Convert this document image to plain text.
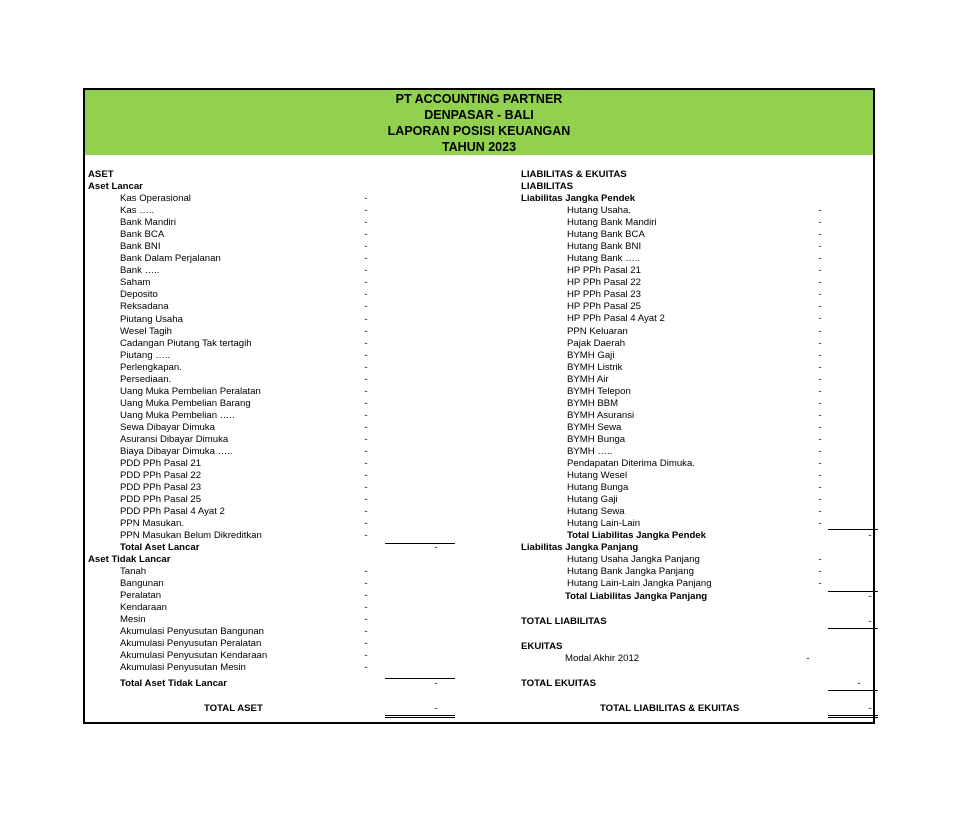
PT ACCOUNTING PARTNER
DENPASAR - BALI
LAPORAN POSISI KEUANGAN
TAHUN 2023
ASET
Aset Lancar
Kas Operasional	-
Kas …..	-
Bank Mandiri	-
Bank BCA	-
Bank BNI	-
Bank Dalam Perjalanan	-
Bank …..	-
Saham	-
Deposito	-
Reksadana	-
Piutang Usaha	-
Wesel Tagih	-
Cadangan Piutang Tak tertagih	-
Piutang …..	-
Perlengkapan.	-
Persediaan.	-
Uang Muka Pembelian Peralatan	-
Uang Muka Pembelian Barang	-
Uang Muka Pembelian …..	-
Sewa Dibayar Dimuka	-
Asuransi Dibayar Dimuka	-
Biaya Dibayar Dimuka …..	-
PDD PPh Pasal 21	-
PDD PPh Pasal 22	-
PDD PPh Pasal 23	-
PDD PPh Pasal 25	-
PDD PPh Pasal 4 Ayat 2	-
PPN Masukan.	-
PPN Masukan Belum Dikreditkan	-
Total Aset Lancar	-
Aset Tidak Lancar
Tanah	-
Bangunan	-
Peralatan	-
Kendaraan	-
Mesin	-
Akumulasi Penyusutan Bangunan	-
Akumulasi Penyusutan Peralatan	-
Akumulasi Penyusutan Kendaraan	-
Akumulasi Penyusutan Mesin	-
Total Aset Tidak Lancar	-
TOTAL ASET	-
LIABILITAS & EKUITAS
LIABILITAS
Liabilitas Jangka Pendek
Hutang Usaha.	-
Hutang Bank Mandiri	-
Hutang Bank BCA	-
Hutang Bank BNI	-
Hutang Bank …..	-
HP PPh Pasal 21	-
HP PPh Pasal 22	-
HP PPh Pasal 23	-
HP PPh Pasal 25	-
HP PPh Pasal 4 Ayat 2	-
PPN Keluaran	-
Pajak Daerah	-
BYMH Gaji	-
BYMH Listrik	-
BYMH Air	-
BYMH Telepon	-
BYMH BBM	-
BYMH Asuransi	-
BYMH Sewa	-
BYMH Bunga	-
BYMH …..	-
Pendapatan Diterima Dimuka.	-
Hutang Wesel	-
Hutang Bunga	-
Hutang Gaji	-
Hutang Sewa	-
Hutang Lain-Lain	-
Total Liabilitas Jangka Pendek	-
Liabilitas Jangka Panjang
Hutang Usaha Jangka Panjang	-
Hutang Bank Jangka Panjang	-
Hutang Lain-Lain Jangka Panjang	-
Total Liabilitas Jangka Panjang	-
TOTAL LIABILITAS	-
EKUITAS
Modal Akhir 2012	-
TOTAL EKUITAS	-
TOTAL LIABILITAS & EKUITAS	-
